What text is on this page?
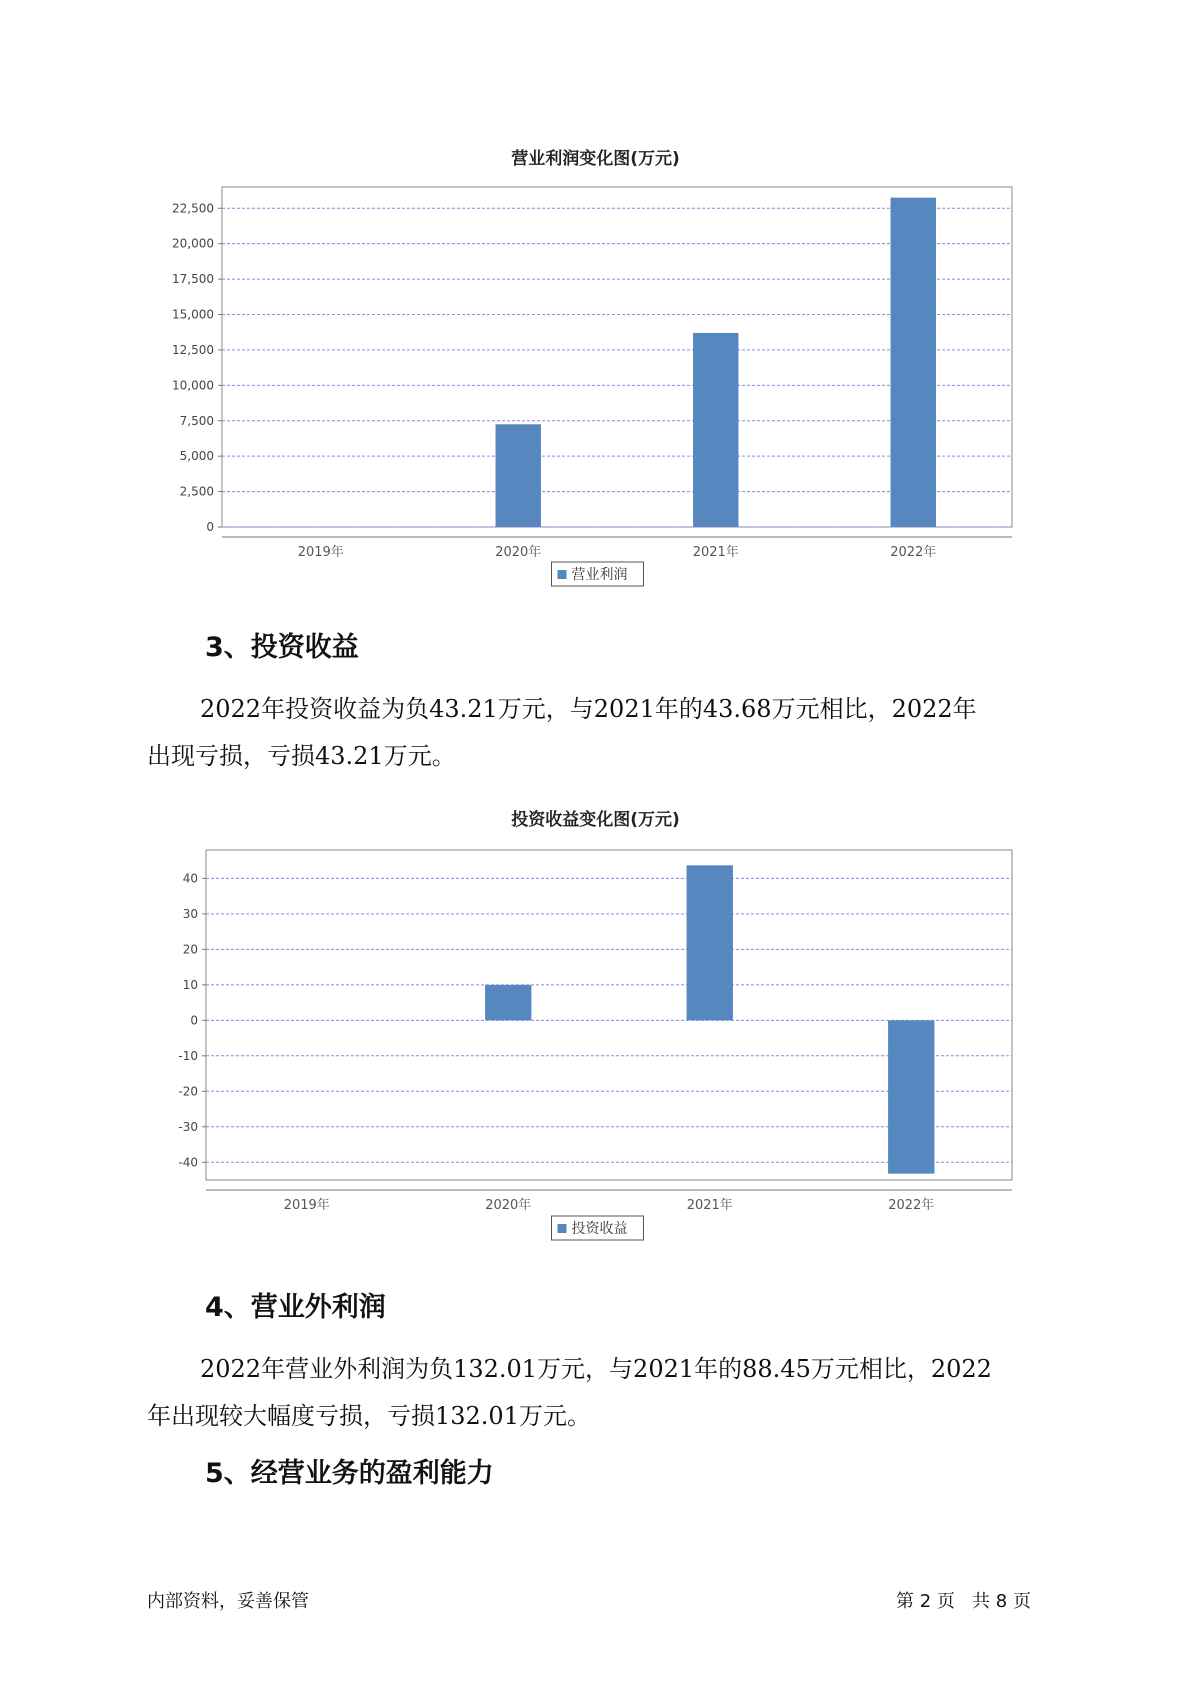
营业利润变化图(万元)
0
2,500
5,000
7,500
10,000
12,500
15,000
17,500
20,000
22,500
2019年	2020年	2021年	2022年
营业利润
3、投资收益
2022年投资收益为负43.21万元，与2021年的43.68万元相比，2022年
出现亏损，亏损43.21万元。
投资收益变化图(万元)
-40
-30
-20
-10
0
10
20
30
40
2019年	2020年	2021年	2022年
投资收益
4、营业外利润
2022年营业外利润为负132.01万元，与2021年的88.45万元相比，2022
年出现较大幅度亏损，亏损132.01万元。
5、经营业务的盈利能力
内部资料，妥善保管	第 2 页   共 8 页
